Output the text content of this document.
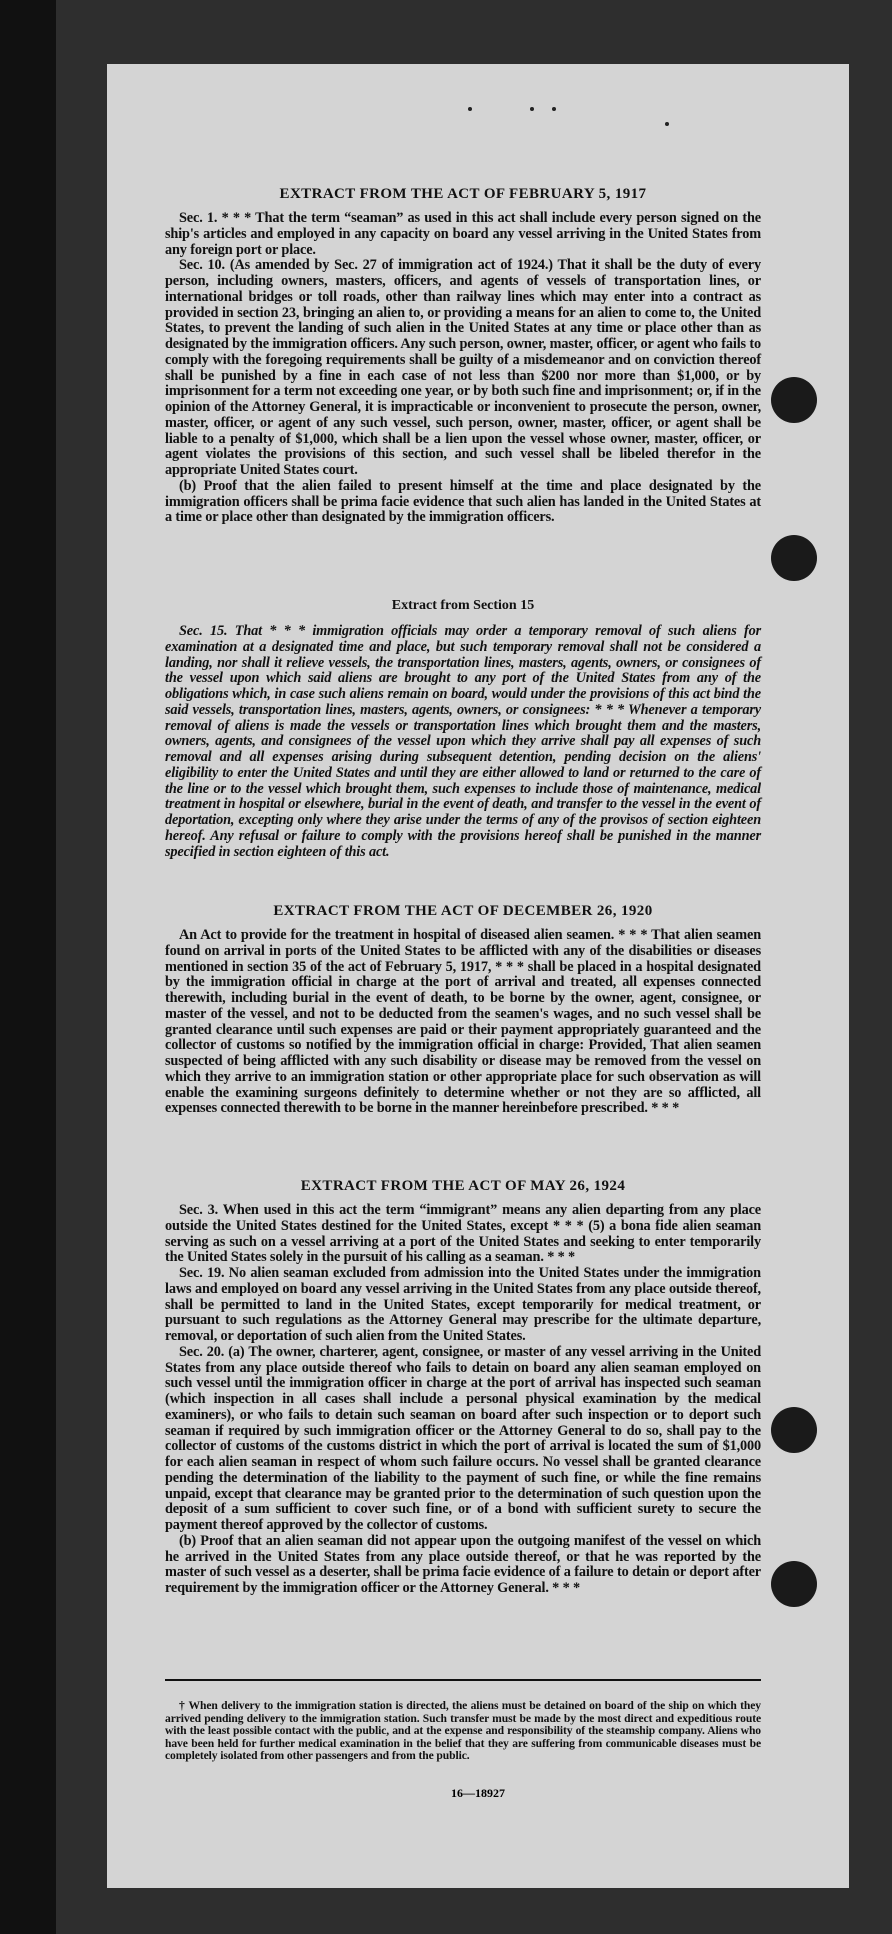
EXTRACT FROM THE ACT OF FEBRUARY 5, 1917

Sec. 1. * * * That the term “seaman” as used in this act shall include every person signed on the ship's articles and employed in any capacity on board any vessel arriving in the United States from any foreign port or place.

Sec. 10. (As amended by Sec. 27 of immigration act of 1924.) That it shall be the duty of every person, including owners, masters, officers, and agents of vessels of transportation lines, or international bridges or toll roads, other than railway lines which may enter into a contract as provided in section 23, bringing an alien to, or providing a means for an alien to come to, the United States, to prevent the landing of such alien in the United States at any time or place other than as designated by the immigration officers. Any such person, owner, master, officer, or agent who fails to comply with the foregoing requirements shall be guilty of a misdemeanor and on conviction thereof shall be punished by a fine in each case of not less than $200 nor more than $1,000, or by imprisonment for a term not exceeding one year, or by both such fine and imprisonment; or, if in the opinion of the Attorney General, it is impracticable or inconvenient to prosecute the person, owner, master, officer, or agent of any such vessel, such person, owner, master, officer, or agent shall be liable to a penalty of $1,000, which shall be a lien upon the vessel whose owner, master, officer, or agent violates the provisions of this section, and such vessel shall be libeled therefor in the appropriate United States court.

(b) Proof that the alien failed to present himself at the time and place designated by the immigration officers shall be prima facie evidence that such alien has landed in the United States at a time or place other than designated by the immigration officers.

Extract from Section 15

Sec. 15. That * * * immigration officials may order a temporary removal of such aliens for examination at a designated time and place, but such temporary removal shall not be considered a landing, nor shall it relieve vessels, the transportation lines, masters, agents, owners, or consignees of the vessel upon which said aliens are brought to any port of the United States from any of the obligations which, in case such aliens remain on board, would under the provisions of this act bind the said vessels, transportation lines, masters, agents, owners, or consignees: * * * Whenever a temporary removal of aliens is made the vessels or transportation lines which brought them and the masters, owners, agents, and consignees of the vessel upon which they arrive shall pay all expenses of such removal and all expenses arising during subsequent detention, pending decision on the aliens' eligibility to enter the United States and until they are either allowed to land or returned to the care of the line or to the vessel which brought them, such expenses to include those of maintenance, medical treatment in hospital or elsewhere, burial in the event of death, and transfer to the vessel in the event of deportation, excepting only where they arise under the terms of any of the provisos of section eighteen hereof. Any refusal or failure to comply with the provisions hereof shall be punished in the manner specified in section eighteen of this act.

EXTRACT FROM THE ACT OF DECEMBER 26, 1920

An Act to provide for the treatment in hospital of diseased alien seamen. * * * That alien seamen found on arrival in ports of the United States to be afflicted with any of the disabilities or diseases mentioned in section 35 of the act of February 5, 1917, * * * shall be placed in a hospital designated by the immigration official in charge at the port of arrival and treated, all expenses connected therewith, including burial in the event of death, to be borne by the owner, agent, consignee, or master of the vessel, and not to be deducted from the seamen's wages, and no such vessel shall be granted clearance until such expenses are paid or their payment appropriately guaranteed and the collector of customs so notified by the immigration official in charge: Provided, That alien seamen suspected of being afflicted with any such disability or disease may be removed from the vessel on which they arrive to an immigration station or other appropriate place for such observation as will enable the examining surgeons definitely to determine whether or not they are so afflicted, all expenses connected therewith to be borne in the manner hereinbefore prescribed. * * *

EXTRACT FROM THE ACT OF MAY 26, 1924

Sec. 3. When used in this act the term “immigrant” means any alien departing from any place outside the United States destined for the United States, except * * * (5) a bona fide alien seaman serving as such on a vessel arriving at a port of the United States and seeking to enter temporarily the United States solely in the pursuit of his calling as a seaman. * * *

Sec. 19. No alien seaman excluded from admission into the United States under the immigration laws and employed on board any vessel arriving in the United States from any place outside thereof, shall be permitted to land in the United States, except temporarily for medical treatment, or pursuant to such regulations as the Attorney General may prescribe for the ultimate departure, removal, or deportation of such alien from the United States.

Sec. 20. (a) The owner, charterer, agent, consignee, or master of any vessel arriving in the United States from any place outside thereof who fails to detain on board any alien seaman employed on such vessel until the immigration officer in charge at the port of arrival has inspected such seaman (which inspection in all cases shall include a personal physical examination by the medical examiners), or who fails to detain such seaman on board after such inspection or to deport such seaman if required by such immigration officer or the Attorney General to do so, shall pay to the collector of customs of the customs district in which the port of arrival is located the sum of $1,000 for each alien seaman in respect of whom such failure occurs. No vessel shall be granted clearance pending the determination of the liability to the payment of such fine, or while the fine remains unpaid, except that clearance may be granted prior to the determination of such question upon the deposit of a sum sufficient to cover such fine, or of a bond with sufficient surety to secure the payment thereof approved by the collector of customs.

(b) Proof that an alien seaman did not appear upon the outgoing manifest of the vessel on which he arrived in the United States from any place outside thereof, or that he was reported by the master of such vessel as a deserter, shall be prima facie evidence of a failure to detain or deport after requirement by the immigration officer or the Attorney General. * * *

† When delivery to the immigration station is directed, the aliens must be detained on board of the ship on which they arrived pending delivery to the immigration station. Such transfer must be made by the most direct and expeditious route with the least possible contact with the public, and at the expense and responsibility of the steamship company. Aliens who have been held for further medical examination in the belief that they are suffering from communicable diseases must be completely isolated from other passengers and from the public.

16—18927
